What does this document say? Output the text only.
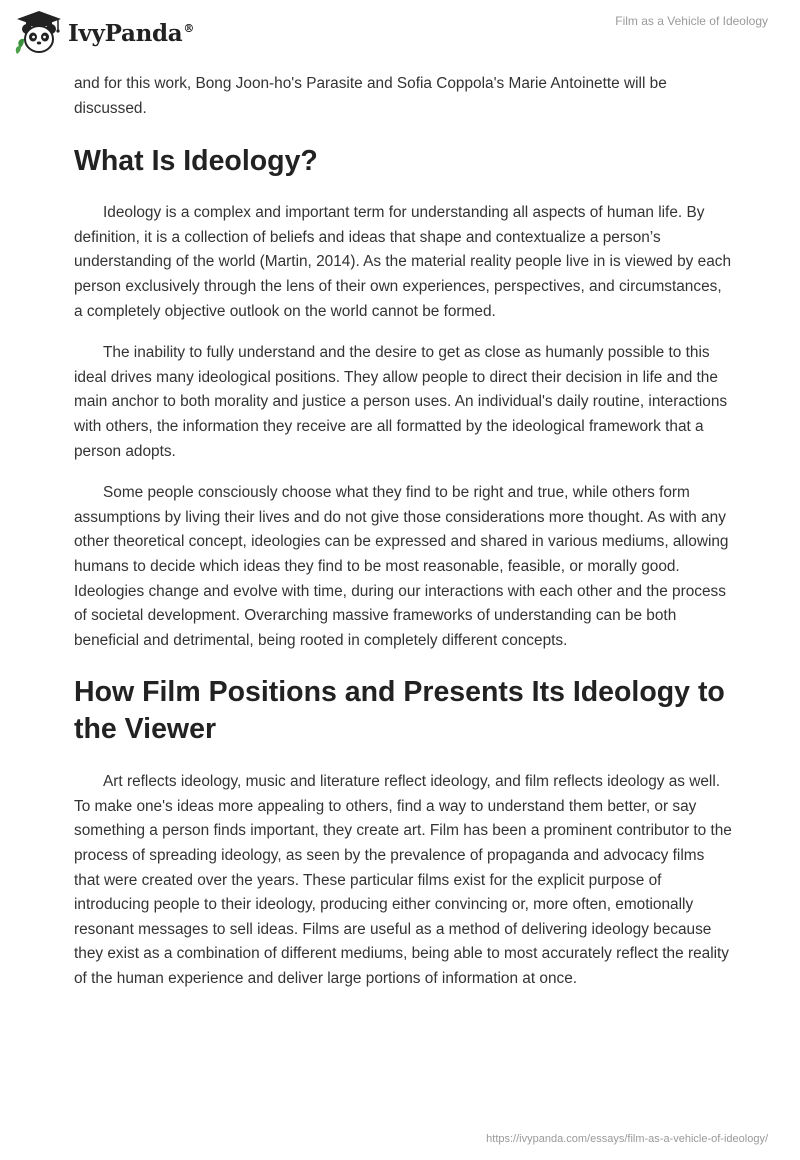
IvyPanda®
Film as a Vehicle of Ideology

and for this work, Bong Joon-ho's Parasite and Sofia Coppola's Marie Antoinette will be discussed.

What Is Ideology?

Ideology is a complex and important term for understanding all aspects of human life. By definition, it is a collection of beliefs and ideas that shape and contextualize a person’s understanding of the world (Martin, 2014). As the material reality people live in is viewed by each person exclusively through the lens of their own experiences, perspectives, and circumstances, a completely objective outlook on the world cannot be formed.

The inability to fully understand and the desire to get as close as humanly possible to this ideal drives many ideological positions. They allow people to direct their decision in life and the main anchor to both morality and justice a person uses. An individual's daily routine, interactions with others, the information they receive are all formatted by the ideological framework that a person adopts.

Some people consciously choose what they find to be right and true, while others form assumptions by living their lives and do not give those considerations more thought. As with any other theoretical concept, ideologies can be expressed and shared in various mediums, allowing humans to decide which ideas they find to be most reasonable, feasible, or morally good. Ideologies change and evolve with time, during our interactions with each other and the process of societal development. Overarching massive frameworks of understanding can be both beneficial and detrimental, being rooted in completely different concepts.

How Film Positions and Presents Its Ideology to the Viewer

Art reflects ideology, music and literature reflect ideology, and film reflects ideology as well. To make one's ideas more appealing to others, find a way to understand them better, or say something a person finds important, they create art. Film has been a prominent contributor to the process of spreading ideology, as seen by the prevalence of propaganda and advocacy films that were created over the years. These particular films exist for the explicit purpose of introducing people to their ideology, producing either convincing or, more often, emotionally resonant messages to sell ideas. Films are useful as a method of delivering ideology because they exist as a combination of different mediums, being able to most accurately reflect the reality of the human experience and deliver large portions of information at once.

https://ivypanda.com/essays/film-as-a-vehicle-of-ideology/
